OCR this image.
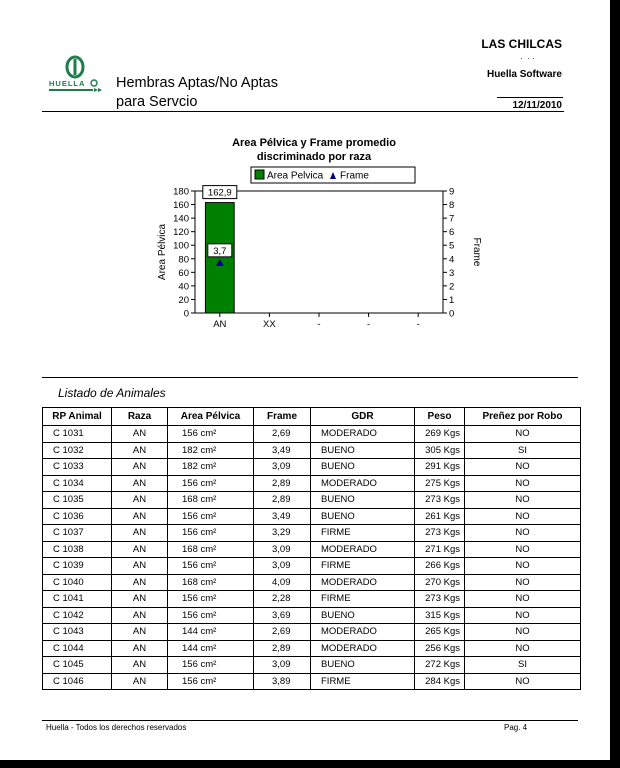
LAS CHILCAS
·  · ·
Huella Software
12/11/2010
HUELLA Hembras Aptas/No Aptas
para Servcio
Area Pélvica y Frame promedio
discriminado por raza
0
20
40
60
80
100
120
140
160
180
0
1
2
3
4
5
6
7
8
9
AN	XX	-	-	-
Area Pélvica	Frame
162,9
3,7
Area Pelvica Frame
Listado de Animales
RP Animal	Raza	Area Pélvica	Frame	GDR	Peso	Preñez por Robo
C 1031	AN	156 cm²	2,69	MODERADO	269 Kgs	NO
C 1032	AN	182 cm²	3,49	BUENO	305 Kgs	SI
C 1033	AN	182 cm²	3,09	BUENO	291 Kgs	NO
C 1034	AN	156 cm²	2,89	MODERADO	275 Kgs	NO
C 1035	AN	168 cm²	2,89	BUENO	273 Kgs	NO
C 1036	AN	156 cm²	3,49	BUENO	261 Kgs	NO
C 1037	AN	156 cm²	3,29	FIRME	273 Kgs	NO
C 1038	AN	168 cm²	3,09	MODERADO	271 Kgs	NO
C 1039	AN	156 cm²	3,09	FIRME	266 Kgs	NO
C 1040	AN	168 cm²	4,09	MODERADO	270 Kgs	NO
C 1041	AN	156 cm²	2,28	FIRME	273 Kgs	NO
C 1042	AN	156 cm²	3,69	BUENO	315 Kgs	NO
C 1043	AN	144 cm²	2,69	MODERADO	265 Kgs	NO
C 1044	AN	144 cm²	2,89	MODERADO	256 Kgs	NO
C 1045	AN	156 cm²	3,09	BUENO	272 Kgs	SI
C 1046	AN	156 cm²	3,89	FIRME	284 Kgs	NO
Huella - Todos los derechos reservados	Pag. 4
